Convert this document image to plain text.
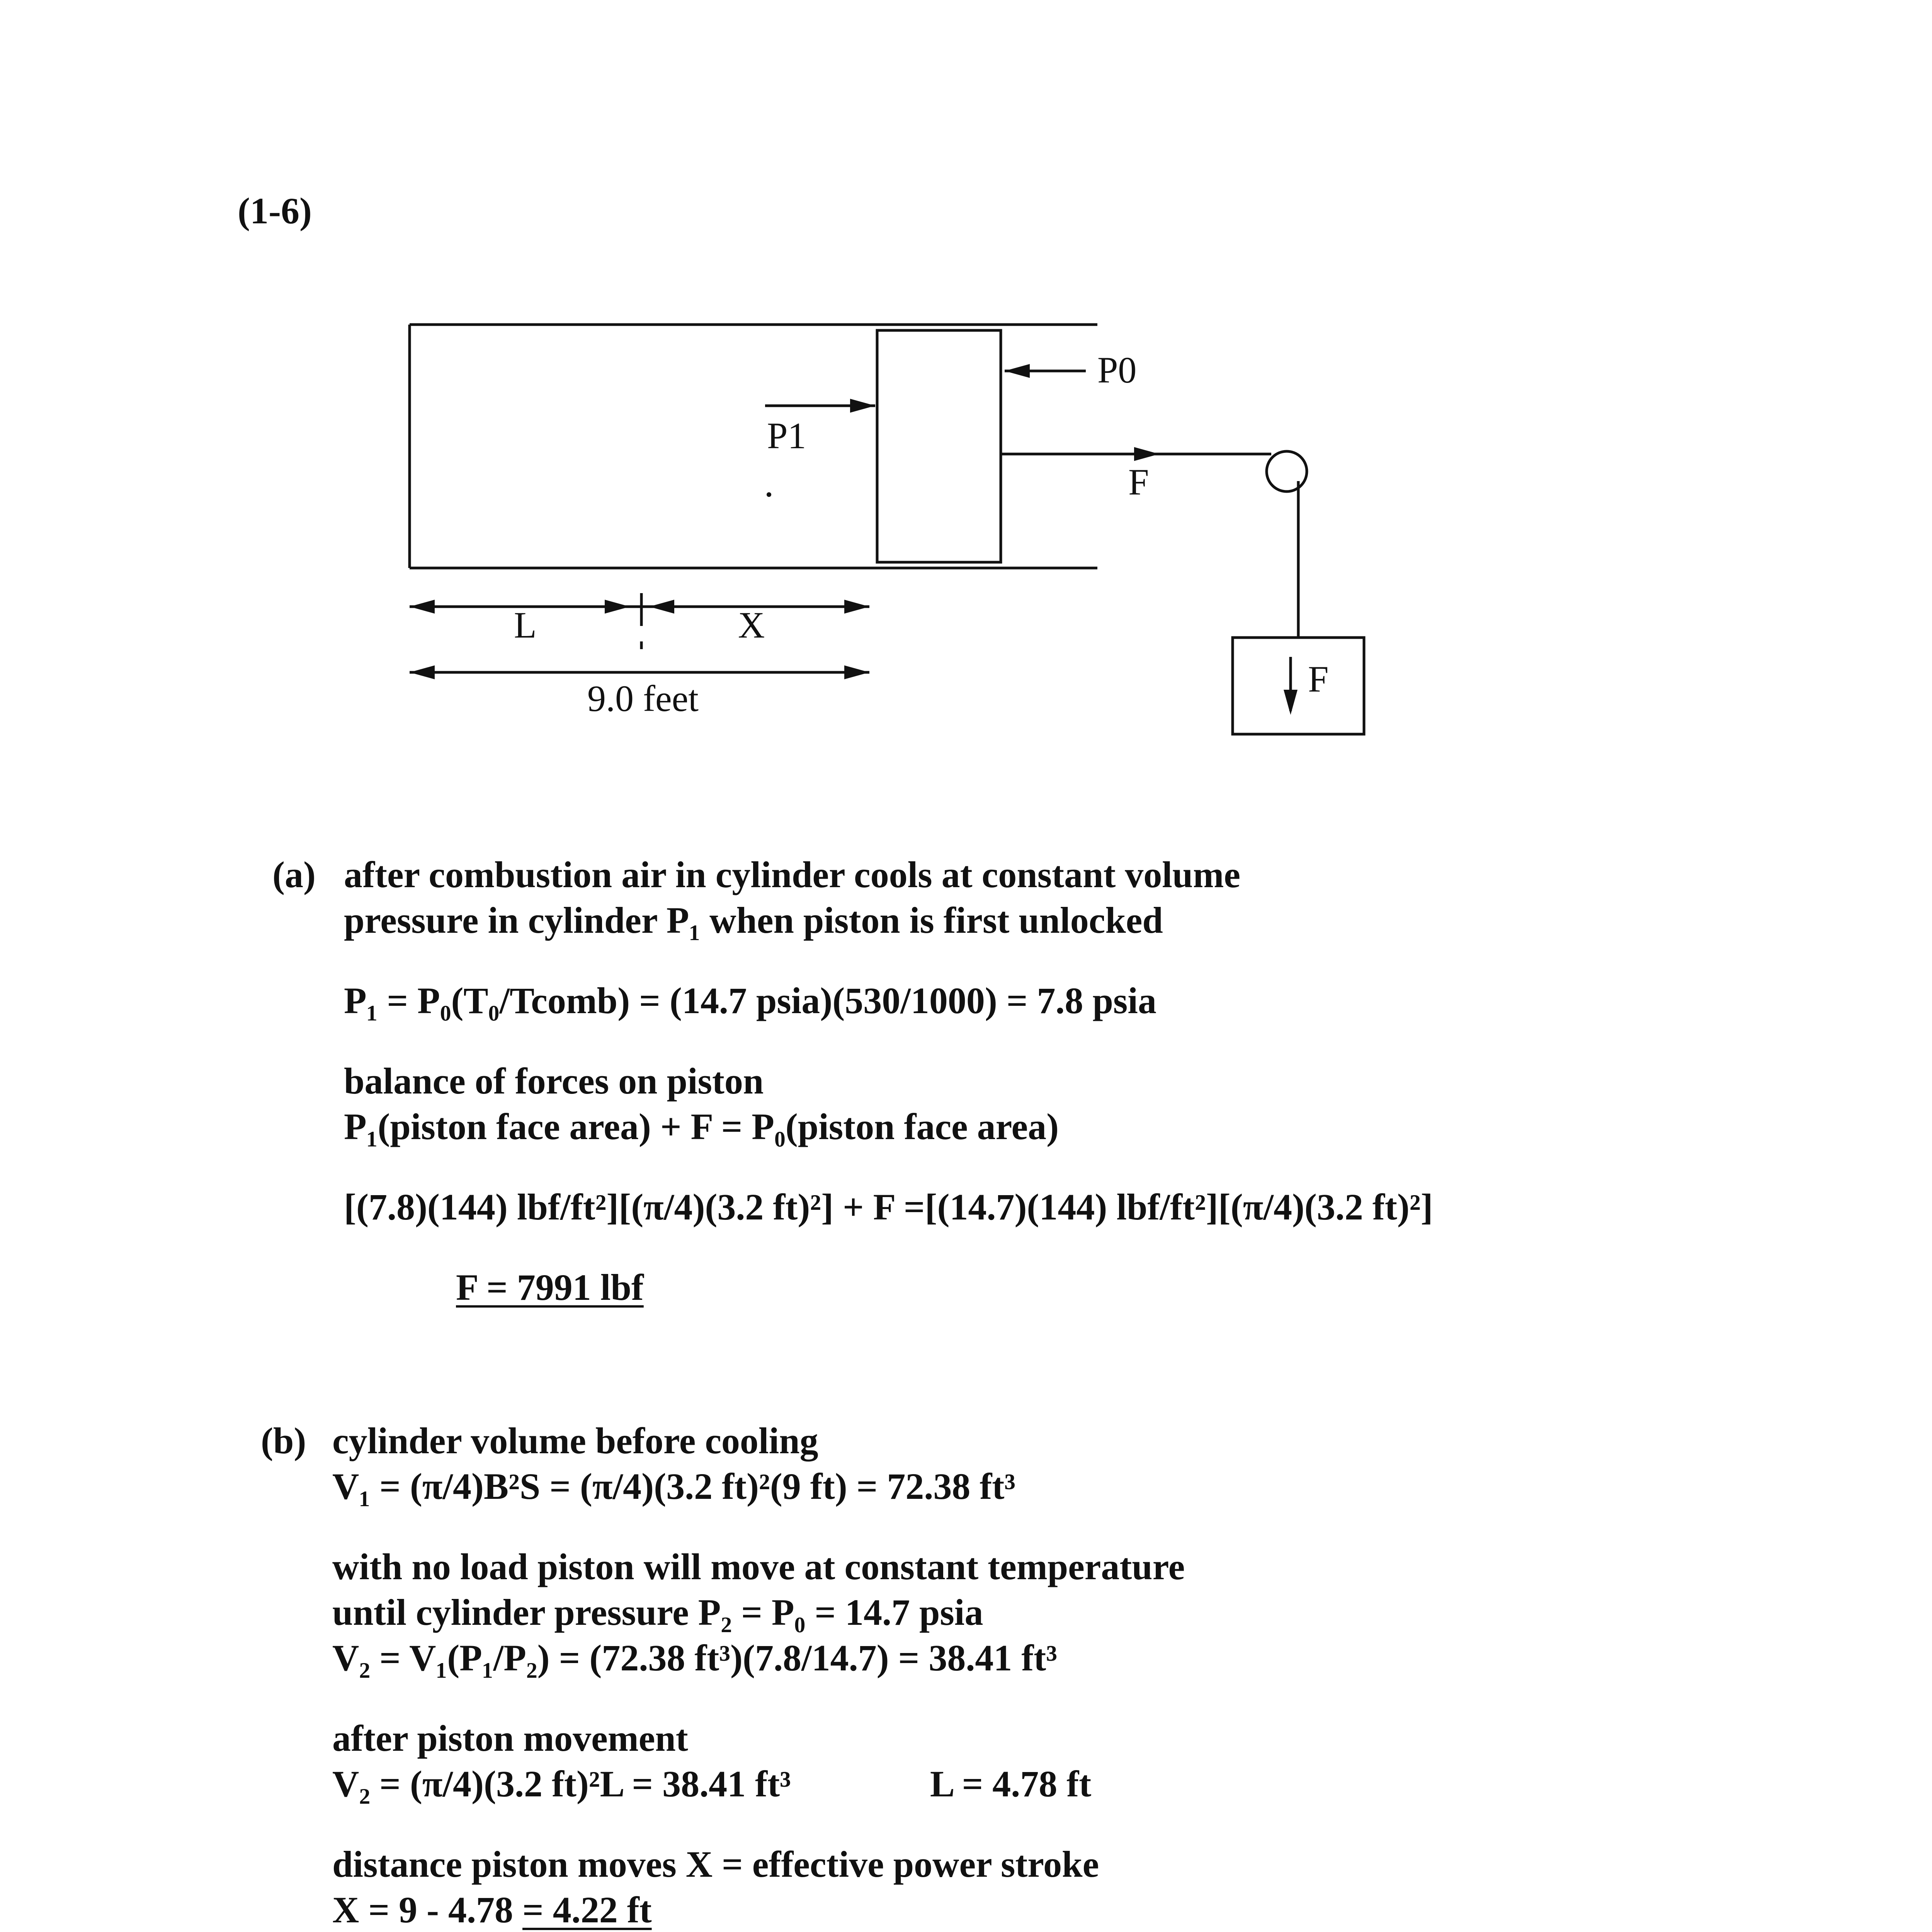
(1-6)
P0
P1
F
L	X
9.0 feet	F
(a) after combustion air in cylinder cools at constant volume
pressure in cylinder P₁ when piston is first unlocked
P₁ = P₀(T₀/Tcomb) = (14.7 psia)(530/1000) = 7.8 psia
balance of forces on piston
P₁(piston face area) + F = P₀(piston face area)
[(7.8)(144) lbf/ft²][(π/4)(3.2 ft)²] + F =[(14.7)(144) lbf/ft²][(π/4)(3.2 ft)²]
F = 7991 lbf
(b) cylinder volume before cooling
V₁ = (π/4)B²S = (π/4)(3.2 ft)²(9 ft) = 72.38 ft³
with no load piston will move at constant temperature
until cylinder pressure P₂ = P₀ = 14.7 psia
V₂ = V₁(P₁/P₂) = (72.38 ft³)(7.8/14.7) = 38.41 ft³
after piston movement
V₂ = (π/4)(3.2 ft)²L = 38.41 ft³	L = 4.78 ft
distance piston moves X = effective power stroke
X = 9 - 4.78 = 4.22 ft
